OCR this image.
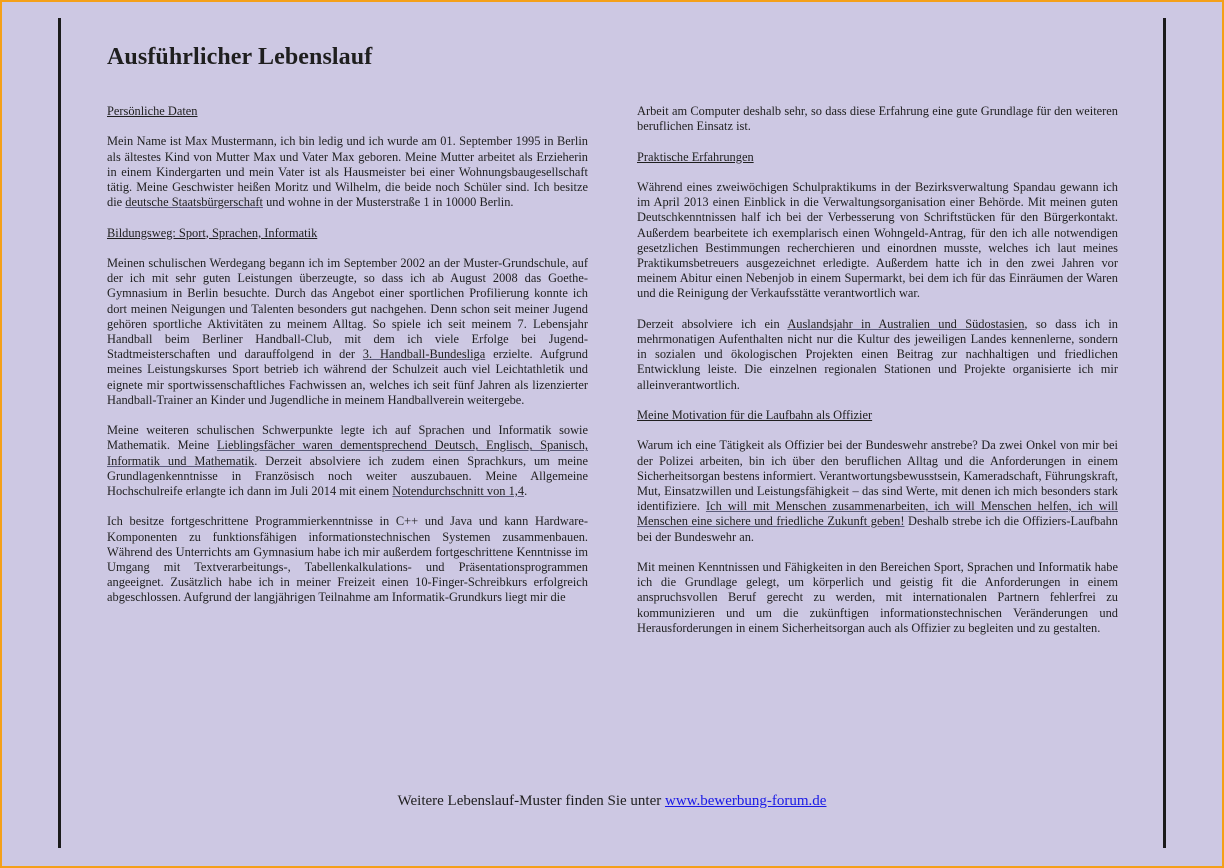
Ausführlicher Lebenslauf

Persönliche Daten

Mein Name ist Max Mustermann, ich bin ledig und ich wurde am 01. September 1995 in Berlin als ältestes Kind von Mutter Max und Vater Max geboren. Meine Mutter arbeitet als Erzieherin in einem Kindergarten und mein Vater ist als Hausmeister bei einer Wohnungsbaugesellschaft tätig. Meine Geschwister heißen Moritz und Wilhelm, die beide noch Schüler sind. Ich besitze die deutsche Staatsbürgerschaft und wohne in der Musterstraße 1 in 10000 Berlin.

Bildungsweg: Sport, Sprachen, Informatik

Meinen schulischen Werdegang begann ich im September 2002 an der Muster-Grundschule, auf der ich mit sehr guten Leistungen überzeugte, so dass ich ab August 2008 das Goethe-Gymnasium in Berlin besuchte. Durch das Angebot einer sportlichen Profilierung konnte ich dort meinen Neigungen und Talenten besonders gut nachgehen. Denn schon seit meiner Jugend gehören sportliche Aktivitäten zu meinem Alltag. So spiele ich seit meinem 7. Lebensjahr Handball beim Berliner Handball-Club, mit dem ich viele Erfolge bei Jugend-Stadtmeisterschaften und darauffolgend in der 3. Handball-Bundesliga erzielte. Aufgrund meines Leistungskurses Sport betrieb ich während der Schulzeit auch viel Leichtathletik und eignete mir sportwissenschaftliches Fachwissen an, welches ich seit fünf Jahren als lizenzierter Handball-Trainer an Kinder und Jugendliche in meinem Handballverein weitergebe.

Meine weiteren schulischen Schwerpunkte legte ich auf Sprachen und Informatik sowie Mathematik. Meine Lieblingsfächer waren dementsprechend Deutsch, Englisch, Spanisch, Informatik und Mathematik. Derzeit absolviere ich zudem einen Sprachkurs, um meine Grundlagenkenntnisse in Französisch noch weiter auszubauen. Meine Allgemeine Hochschulreife erlangte ich dann im Juli 2014 mit einem Notendurchschnitt von 1,4.

Ich besitze fortgeschrittene Programmierkenntnisse in C++ und Java und kann Hardware-Komponenten zu funktionsfähigen informationstechnischen Systemen zusammenbauen. Während des Unterrichts am Gymnasium habe ich mir außerdem fortgeschrittene Kenntnisse im Umgang mit Textverarbeitungs-, Tabellenkalkulations- und Präsentationsprogrammen angeeignet. Zusätzlich habe ich in meiner Freizeit einen 10-Finger-Schreibkurs erfolgreich abgeschlossen. Aufgrund der langjährigen Teilnahme am Informatik-Grundkurs liegt mir die

Arbeit am Computer deshalb sehr, so dass diese Erfahrung eine gute Grundlage für den weiteren beruflichen Einsatz ist.

Praktische Erfahrungen

Während eines zweiwöchigen Schulpraktikums in der Bezirksverwaltung Spandau gewann ich im April 2013 einen Einblick in die Verwaltungsorganisation einer Behörde. Mit meinen guten Deutschkenntnissen half ich bei der Verbesserung von Schriftstücken für den Bürgerkontakt. Außerdem bearbeitete ich exemplarisch einen Wohngeld-Antrag, für den ich alle notwendigen gesetzlichen Bestimmungen recherchieren und einordnen musste, welches ich laut meines Praktikumsbetreuers ausgezeichnet erledigte. Außerdem hatte ich in den zwei Jahren vor meinem Abitur einen Nebenjob in einem Supermarkt, bei dem ich für das Einräumen der Waren und die Reinigung der Verkaufsstätte verantwortlich war.

Derzeit absolviere ich ein Auslandsjahr in Australien und Südostasien, so dass ich in mehrmonatigen Aufenthalten nicht nur die Kultur des jeweiligen Landes kennenlerne, sondern in sozialen und ökologischen Projekten einen Beitrag zur nachhaltigen und friedlichen Entwicklung leiste. Die einzelnen regionalen Stationen und Projekte organisierte ich mir alleinverantwortlich.

Meine Motivation für die Laufbahn als Offizier

Warum ich eine Tätigkeit als Offizier bei der Bundeswehr anstrebe? Da zwei Onkel von mir bei der Polizei arbeiten, bin ich über den beruflichen Alltag und die Anforderungen in einem Sicherheitsorgan bestens informiert. Verantwortungsbewusstsein, Kameradschaft, Führungskraft, Mut, Einsatzwillen und Leistungsfähigkeit – das sind Werte, mit denen ich mich besonders stark identifiziere. Ich will mit Menschen zusammenarbeiten, ich will Menschen helfen, ich will Menschen eine sichere und friedliche Zukunft geben! Deshalb strebe ich die Offiziers-Laufbahn bei der Bundeswehr an.

Mit meinen Kenntnissen und Fähigkeiten in den Bereichen Sport, Sprachen und Informatik habe ich die Grundlage gelegt, um körperlich und geistig fit die Anforderungen in einem anspruchsvollen Beruf gerecht zu werden, mit internationalen Partnern fehlerfrei zu kommunizieren und um die zukünftigen informationstechnischen Veränderungen und Herausforderungen in einem Sicherheitsorgan auch als Offizier zu begleiten und zu gestalten.

Weitere Lebenslauf-Muster finden Sie unter www.bewerbung-forum.de
